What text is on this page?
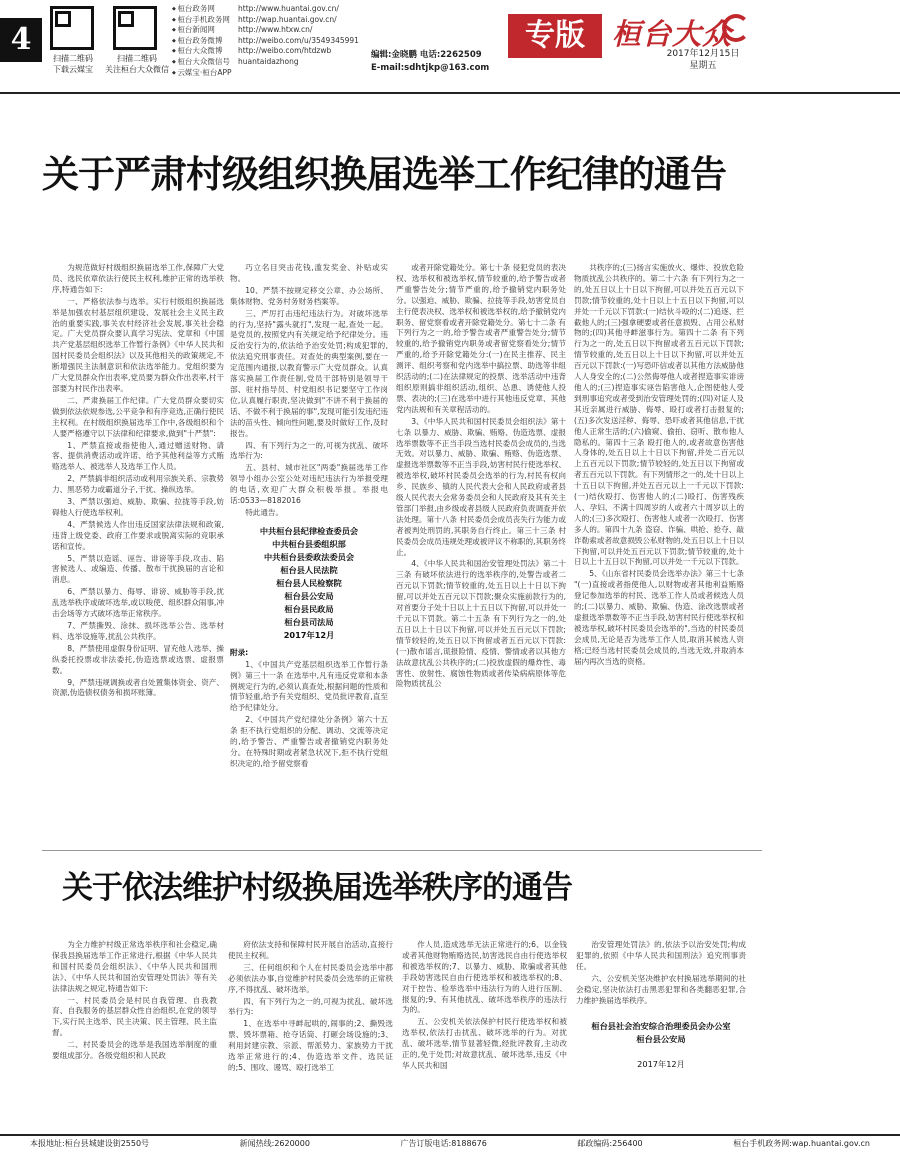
4
扫描二维码
下载云媒宝
扫描二维码
关注桓台大众微信
◆ 桓台政务网	http://www.huantai.gov.cn/
◆ 桓台手机政务网	http://wap.huantai.gov.cn/
◆ 桓台新闻网	http://www.htxw.cn/
◆ 桓台政务微博	http://weibo.com/u/3549345991
◆ 桓台大众微博	http://weibo.com/htdzwb
◆ 桓台大众微信号	huantaidazhong
◆ 云媒宝·桓台APP
编辑:金晓鹏 电话:2262509
E-mail:sdhtjkp@163.com
专版 桓台大众
2017年12月15日
星期五
关于严肃村级组织换届选举工作纪律的通告

为规范做好村级组织换届选举工作,保障广大党员、选民依章依法行使民主权利,维护正常的选举秩序,特通告如下:

一、严格依法参与选举。实行村级组织换届选举是加强农村基层组织建设、发展社会主义民主政治的重要实践,事关农村经济社会发展,事关社会稳定。广大党员群众要认真学习宪法、党章和《中国共产党基层组织选举工作暂行条例》《中华人民共和国村民委员会组织法》以及其他相关的政策规定,不断增强民主法制意识和依法选举能力。党组织要为广大党员群众作出表率,党员要为群众作出表率,村干部要为村民作出表率。

二、严肃换届工作纪律。广大党员群众要切实做到依法依规参选,公平竞争和有序竞选,正确行使民主权利。在村级组织换届选举工作中,各级组织和个人要严格遵守以下法律和纪律要求,做到"十严禁":

1、严禁直接或指使他人,通过赠送财物、请客、提供消费活动或许诺、给予其他利益等方式贿赂选举人、被选举人及选举工作人员。

2、严禁搞非组织活动或利用宗族关系、宗教势力、黑恶势力或霸道分子,干扰、操纵选举。

3、严禁以强迫、威胁、欺骗、拉拢等手段,妨碍他人行使选举权利。

4、严禁候选人作出违反国家法律法规和政策,违背上级党委、政府工作要求或脱离实际的竞职承诺和宣传。

5、严禁以造谣、诬告、诽谤等手段,攻击、陷害候选人、或编造、传播、散布干扰换届的言论和消息。

6、严禁以暴力、侮辱、诽谤、威胁等手段,扰乱选举秩序或破坏选举,或以唆使、组织群众闹事,冲击会场等方式破坏选举正常秩序。

7、严禁撕毁、涂抹、损坏选举公告、选举材料、选举设施等,扰乱公共秩序。

8、严禁使用虚假身份证明、冒充他人选举、操纵委托投票或非法委托,伪造选票或选票、虚报票数。

9、严禁违规调换或者自处置集体资金、资产、资源,伪造债权债务和损坏账簿。

巧立名目突击花钱,滥发奖金、补贴或实物。

10、严禁不按规定移交公章、办公场所、集体财物、党务村务财务档案等。

三、严厉打击违纪违法行为。对破坏选举的行为,坚持"露头就打",发现一起,查处一起。是党员的,按照党内有关规定给予纪律处分。违反治安行为的,依法给予治安处罚;构成犯罪的,依法追究刑事责任。对查处的典型案例,要在一定范围内通报,以教育警示广大党员群众。认真落实换届工作责任制,党员干部特别是领导干部、驻村指导员、村党组织书记要坚守工作岗位,认真履行职责,坚决做到"不讲不利于换届的话、不做不利于换届的事",发现可能引发违纪违法的苗头性、倾向性问题,要及时做好工作,及时报告。

四、有下列行为之一的,可视为扰乱、破坏选举行为:

五、县村、城市社区"两委"换届选举工作领导小组办公室公处对违纪违法行为举报受理的电话,欢迎广大群众积极举报。举报电话:0533—8182016

特此通告。

中共桓台县纪律检查委员会
中共桓台县委组织部
中共桓台县委政法委员会
桓台县人民法院
桓台县人民检察院
桓台县公安局
桓台县民政局
桓台县司法局
2017年12月

附录:

1、《中国共产党基层组织选举工作暂行条例》第三十一条 在选举中,凡有违反党章和本条例规定行为的,必须认真查处,根据问题的性质和情节轻重,给予有关党组织、党员批评教育,直至给予纪律处分。

2、《中国共产党纪律处分条例》第六十五条 拒不执行党组织的分配、调动、交流等决定的,给予警告、严重警告或者撤销党内职务处分。在特殊时期或者紧急状况下,拒不执行党组织决定的,给予留党察看

或者开除党籍处分。第七十条 侵犯党员的表决权、选举权和被选举权,情节较重的,给予警告或者严重警告处分;情节严重的,给予撤销党内职务处分。以强迫、威胁、欺骗、拉拢等手段,妨害党员自主行使表决权、选举权和被选举权的,给予撤销党内职务、留党察看或者开除党籍处分。第七十二条 有下列行为之一的,给予警告或者严重警告处分;情节较重的,给予撤销党内职务或者留党察看处分;情节严重的,给予开除党籍处分:(一)在民主推荐、民主测评、组织考察和党内选举中搞拉票、助选等非组织活动的;(二)在法律规定的投票、选举活动中违背组织原则搞非组织活动,组织、怂恿、诱使他人投票、表决的;(三)在选举中进行其他违反党章、其他党内法规和有关章程活动的。

3、《中华人民共和国村民委员会组织法》第十七条 以暴力、威胁、欺骗、贿赂、伪造选票、虚报选举票数等不正当手段当选村民委员会成员的,当选无效。对以暴力、威胁、欺骗、贿赂、伪造选票、虚报选举票数等不正当手段,妨害村民行使选举权、被选举权,破坏村民委员会选举的行为,村民有权向乡、民族乡、镇的人民代表大会和人民政府或者县级人民代表大会常务委员会和人民政府及其有关主管部门举报,由乡级或者县级人民政府负责调查并依法处理。第十八条 村民委员会成员丧失行为能力或者被判处刑罚的,其职务自行终止。第三十三条 村民委员会成员违规处理或被评议不称职的,其职务终止。

4、《中华人民共和国治安管理处罚法》第二十三条 有破坏依法进行的选举秩序的,处警告或者二百元以下罚款;情节较重的,处五日以上十日以下拘留,可以并处五百元以下罚款;聚众实施前款行为的,对首要分子处十日以上十五日以下拘留,可以并处一千元以下罚款。第二十五条 有下列行为之一的,处五日以上十日以下拘留,可以并处五百元以下罚款;情节较轻的,处五日以下拘留或者五百元以下罚款:(一)散布谣言,谎报险情、疫情、警情或者以其他方法故意扰乱公共秩序的;(二)投放虚假的爆炸性、毒害性、放射性、腐蚀性物质或者传染病病原体等危险物质扰乱公

共秩序的;(三)扬言实施放火、爆炸、投放危险物质扰乱公共秩序的。第二十六条 有下列行为之一的,处五日以上十日以下拘留,可以并处五百元以下罚款;情节较重的,处十日以上十五日以下拘留,可以并处一千元以下罚款:(一)结伙斗殴的;(二)追逐、拦截他人的;(三)强拿硬要或者任意损毁、占用公私财物的;(四)其他寻衅滋事行为。第四十二条 有下列行为之一的,处五日以下拘留或者五百元以下罚款;情节较重的,处五日以上十日以下拘留,可以并处五百元以下罚款:(一)写恐吓信或者以其他方法威胁他人人身安全的;(二)公然侮辱他人或者捏造事实诽谤他人的;(三)捏造事实诬告陷害他人,企图使他人受到刑事追究或者受到治安管理处罚的;(四)对证人及其近亲属进行威胁、侮辱、殴打或者打击报复的;(五)多次发送淫秽、侮辱、恐吓或者其他信息,干扰他人正常生活的;(六)偷窥、偷拍、窃听、散布他人隐私的。第四十三条 殴打他人的,或者故意伤害他人身体的,处五日以上十日以下拘留,并处二百元以上五百元以下罚款;情节较轻的,处五日以下拘留或者五百元以下罚款。有下列情形之一的,处十日以上十五日以下拘留,并处五百元以上一千元以下罚款:(一)结伙殴打、伤害他人的;(二)殴打、伤害残疾人、孕妇、不满十四周岁的人或者六十周岁以上的人的;(三)多次殴打、伤害他人或者一次殴打、伤害多人的。第四十九条 盗窃、诈骗、哄抢、抢夺、敲诈勒索或者故意损毁公私财物的,处五日以上十日以下拘留,可以并处五百元以下罚款;情节较重的,处十日以上十五日以下拘留,可以并处一千元以下罚款。

5、《山东省村民委员会选举办法》第三十七条 "(一)直接或者指使他人,以财物或者其他利益贿赂登记参加选举的村民、选举工作人员或者候选人员的;(二)以暴力、威胁、欺骗、伪造、涂改选票或者虚报选举票数等不正当手段,妨害村民行使选举权和被选举权,破坏村民委员会选举的",当选的村民委员会成员,无论是否为选举工作人员,取消其候选人资格;已经当选村民委员会成员的,当选无效,并取消本届内再次当选的资格。

关于依法维护村级换届选举秩序的通告

为全力维护村级正常选举秩序和社会稳定,确保我县换届选举工作正常进行,根据《中华人民共和国村民委员会组织法》、《中华人民共和国刑法》、《中华人民共和国治安管理处罚法》等有关法律法规之规定,特通告如下:

一、村民委员会是村民自我管理、自我教育、自我服务的基层群众性自治组织,在党的领导下,实行民主选举、民主决策、民主管理、民主监督。

二、村民委员会的选举是我国选举制度的重要组成部分。各级党组织和人民政

府依法支持和保障村民开展自治活动,直接行使民主权利。

三、任何组织和个人在村民委员会选举中都必须依法办事,自觉维护村民委员会选举的正常秩序,不得扰乱、破坏选举。

四、有下列行为之一的,可视为扰乱、破坏选举行为:

1、在选举中寻衅起哄的,闹事的;2、撕毁选票、毁坏票箱、抢夺话筒、打砸会场设施的;3、利用封建宗教、宗派、帮派势力、家族势力干扰选举正常进行的;4、伪造选举文件、选民证的;5、围攻、谩骂、殴打选举工

作人员,造成选举无法正常进行的;6、以金钱或者其他财物贿赂选民,妨害选民自由行使选举权和被选举权的;7、以暴力、威胁、欺骗或者其他手段妨害选民自由行使选举权和被选举权的;8、对于控告、检举选举中违法行为的人进行压制、报复的;9、有其他扰乱、破坏选举秩序的违法行为的。

五、公安机关依法保护村民行使选举权和被选举权,依法打击扰乱、破坏选举的行为。对扰乱、破坏选举,情节显著轻微,经批评教育,主动改正的,免于处罚;对故意扰乱、破坏选举,违反《中华人民共和国

治安管理处罚法》的,依法予以治安处罚;构成犯罪的,依照《中华人民共和国刑法》追究刑事责任。

六、公安机关坚决维护农村换届选举期间的社会稳定,坚决依法打击黑恶犯罪和各类翻恶犯罪,合力维护换届选举秩序。

桓台县社会治安综合治理委员会办公室
桓台县公安局
2017年12月
本报地址:桓台县城建设街2550号	新闻热线:2620000	广告订版电话:8188676	邮政编码:256400	桓台手机政务网:wap.huantai.gov.cn
